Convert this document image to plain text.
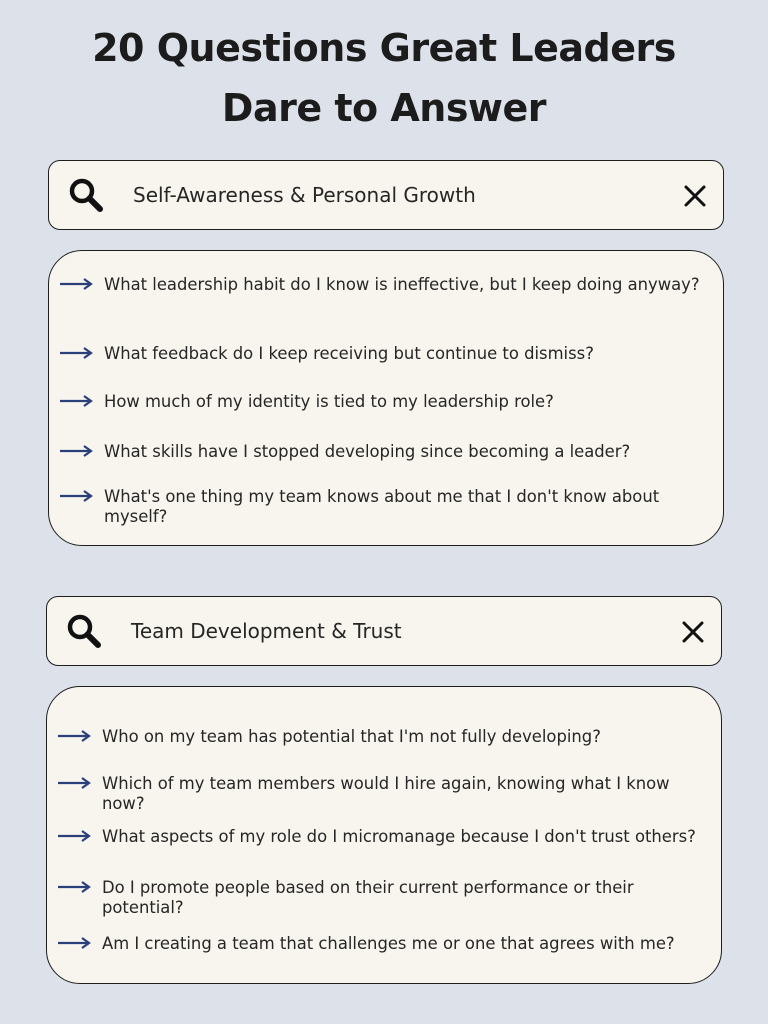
20 Questions Great Leaders
Dare to Answer
Self-Awareness & Personal Growth
What leadership habit do I know is ineffective, but I keep doing anyway?
What feedback do I keep receiving but continue to dismiss?
How much of my identity is tied to my leadership role?
What skills have I stopped developing since becoming a leader?
What's one thing my team knows about me that I don't know about myself?
Team Development & Trust
Who on my team has potential that I'm not fully developing?
Which of my team members would I hire again, knowing what I know now?
What aspects of my role do I micromanage because I don't trust others?
Do I promote people based on their current performance or their potential?
Am I creating a team that challenges me or one that agrees with me?
